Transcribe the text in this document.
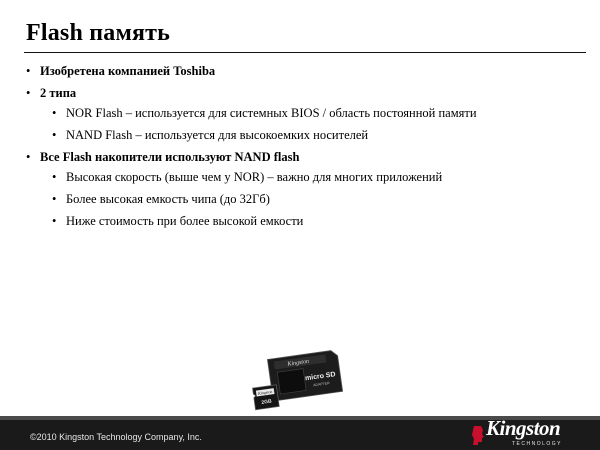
Flash память
• Изобретена компанией Toshiba
• 2 типа
• NOR Flash – используется для системных BIOS / область постоянной памяти
• NAND Flash – используется для высокоемких носителей
• Все Flash накопители используют NAND flash
• Высокая скорость (выше чем у NOR) – важно для многих приложений
• Более высокая емкость чипа (до 32Гб)
• Ниже стоимость при более высокой емкости
Kingston
micro SD
ADAPTER
Kingston
2GB
©2010 Kingston Technology Company, Inc.	Kingston
TECHNOLOGY
